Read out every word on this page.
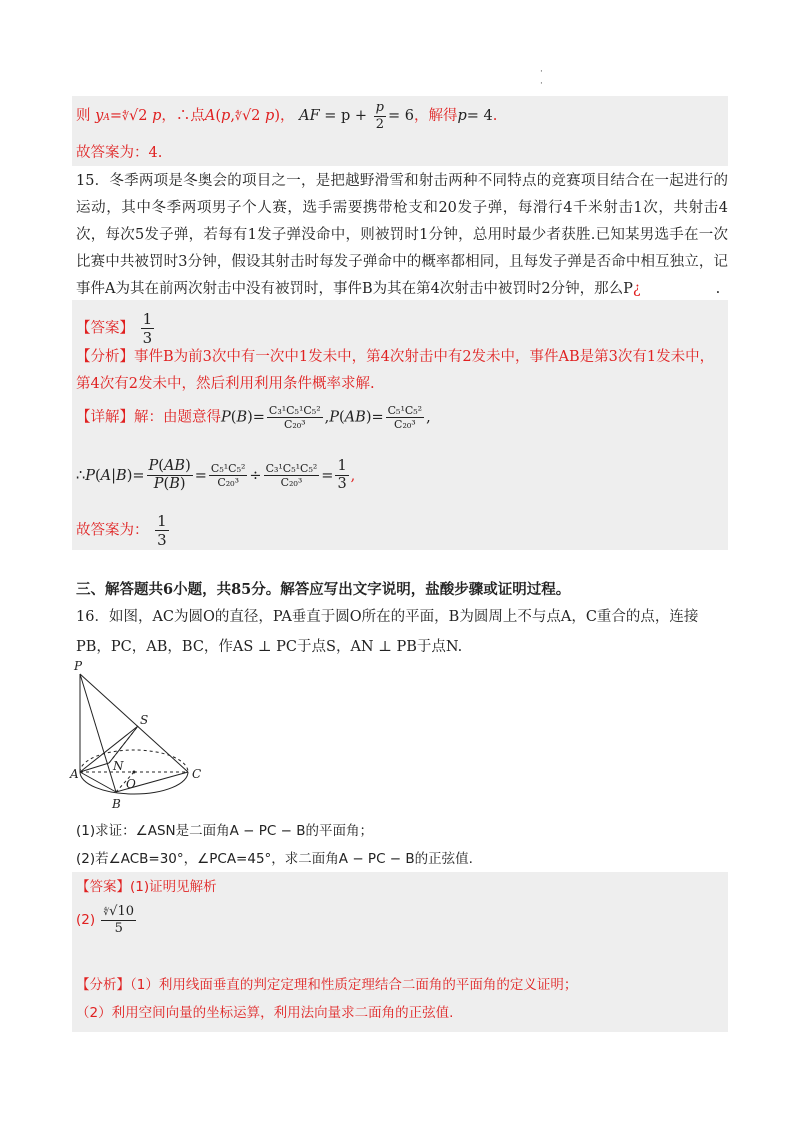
·
·
则 yA=∜√2 p，∴点A(p,∜√2 p)， AF = $p + \frac{p}{2} = 6$，解得p= 4.
故答案为：4.
15．冬季两项是冬奥会的项目之一，是把越野滑雪和射击两种不同特点的竞赛项目结合在一起进行的运动，其中冬季两项男子个人赛，选手需要携带枪支和20发子弹，每滑行4千米射击1次，共射击4次，每次5发子弹，若每有1发子弹没命中，则被罚时1分钟，总用时最少者获胜.已知某男选手在一次比赛中共被罚时3分钟，假设其射击时每发子弹命中的概率都相同，且每发子弹是否命中相互独立，记事件A为其在前两次射击中没有被罚时，事件B为其在第4次射击中被罚时2分钟，那么P¿	.
【答案】 $\frac{1}{3}$
【分析】事件B为前3次中有一次中1发未中，第4次射击中有2发未中，事件AB是第3次有1发未中，第4次有2发未中，然后利用利用条件概率求解.
【详解】解：由题意得$P(B)= \frac{\text{C₃¹C₅¹C₅²}}{\text{C₂₀³}} ,P(AB)= \frac{\text{C₅¹C₅²}}{\text{C₂₀³}}$ ,
∴P(A|B)= $\frac{P(AB)}{P(B)} = \frac{\text{C₅¹C₅²}}{\text{C₂₀³}} \div \frac{\text{C₃¹C₅¹C₅²}}{\text{C₂₀³}} = \frac{1}{3}$ ,
故答案为： $\frac{1}{3}$
三、解答题共6小题，共85分。解答应写出文字说明，盐酸步骤或证明过程。
16．如图，AC为圆O的直径，PA垂直于圆O所在的平面，B为圆周上不与点A，C重合的点，连接
PB，PC，AB，BC，作AS ⊥ PC于点S，AN ⊥ PB于点N.
P
S
N
A
O
C
B
(1)求证：∠ASN是二面角A − PC − B的平面角；
(2)若∠ACB=30°，∠PCA=45°，求二面角A − PC − B的正弦值.
【答案】(1)证明见解析
$(2) \frac{∜√10}{5}$
【分析】（1）利用线面垂直的判定定理和性质定理结合二面角的平面角的定义证明；
（2）利用空间向量的坐标运算，利用法向量求二面角的正弦值.
